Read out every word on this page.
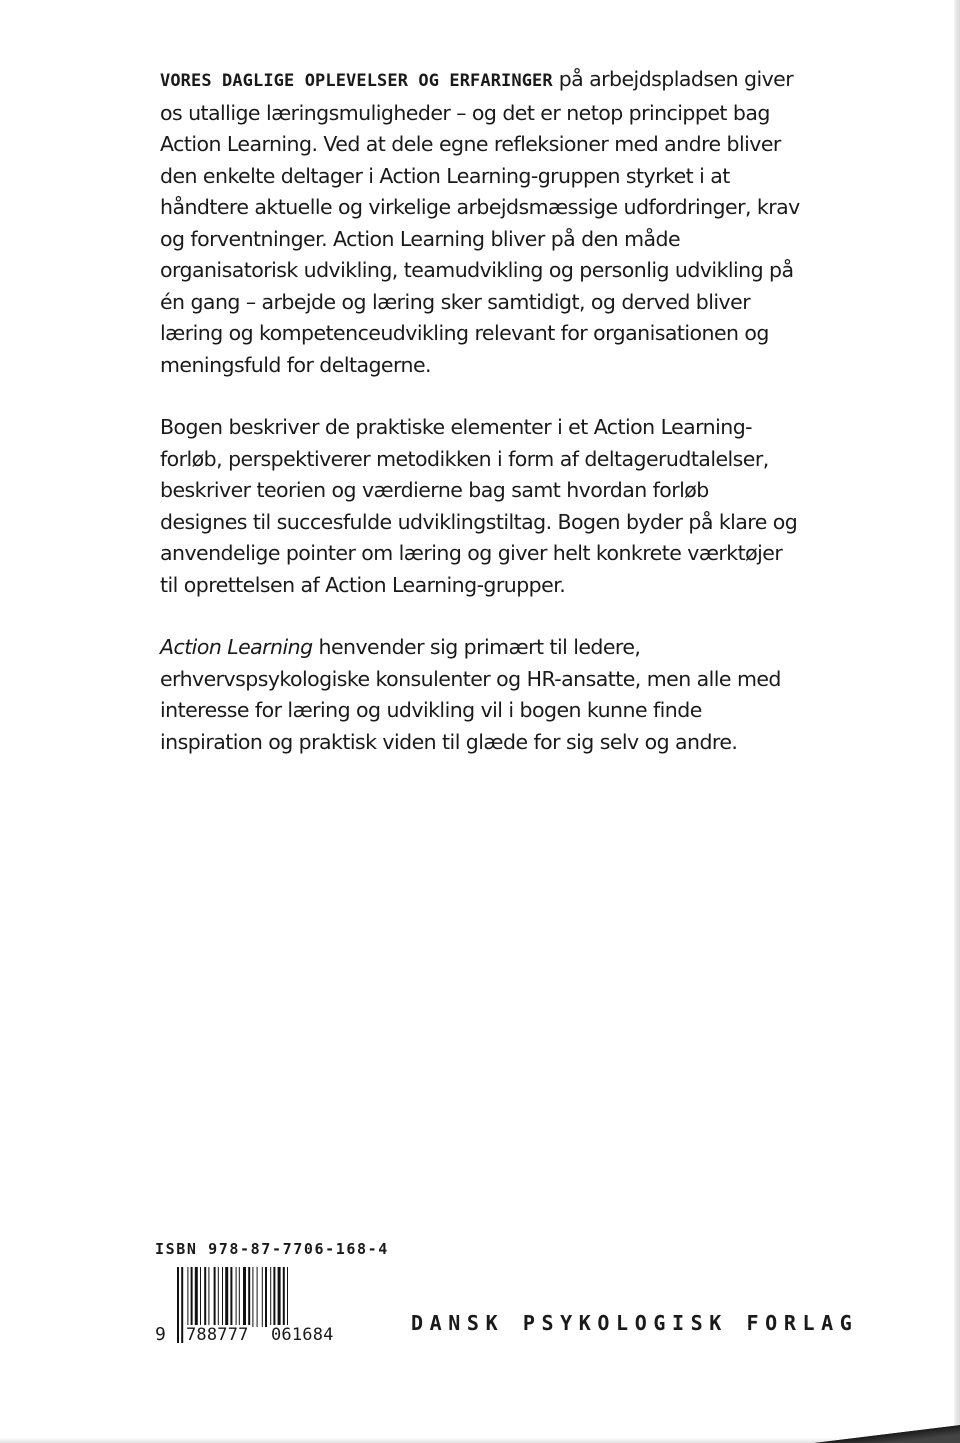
VORES DAGLIGE OPLEVELSER OG ERFARINGER på arbejdspladsen giver os utallige læringsmuligheder – og det er netop princippet bag Action Learning. Ved at dele egne refleksioner med andre bliver den enkelte deltager i Action Learning-gruppen styrket i at håndtere aktuelle og virkelige arbejdsmæssige udfordringer, krav og forventninger. Action Learning bliver på den måde organisatorisk udvikling, teamudvikling og personlig udvikling på én gang – arbejde og læring sker samtidigt, og derved bliver læring og kompetenceudvikling relevant for organisationen og meningsfuld for deltagerne.

Bogen beskriver de praktiske elementer i et Action Learning-forløb, perspektiverer metodikken i form af deltagerudtalelser, beskriver teorien og værdierne bag samt hvordan forløb designes til succesfulde udviklingstiltag. Bogen byder på klare og anvendelige pointer om læring og giver helt konkrete værktøjer til oprettelsen af Action Learning-grupper.

Action Learning henvender sig primært til ledere, erhvervspsykologiske konsulenter og HR-ansatte, men alle med interesse for læring og udvikling vil i bogen kunne finde inspiration og praktisk viden til glæde for sig selv og andre.

ISBN 978-87-7706-168-4
9 788777 061684	DANSK PSYKOLOGISK FORLAG
